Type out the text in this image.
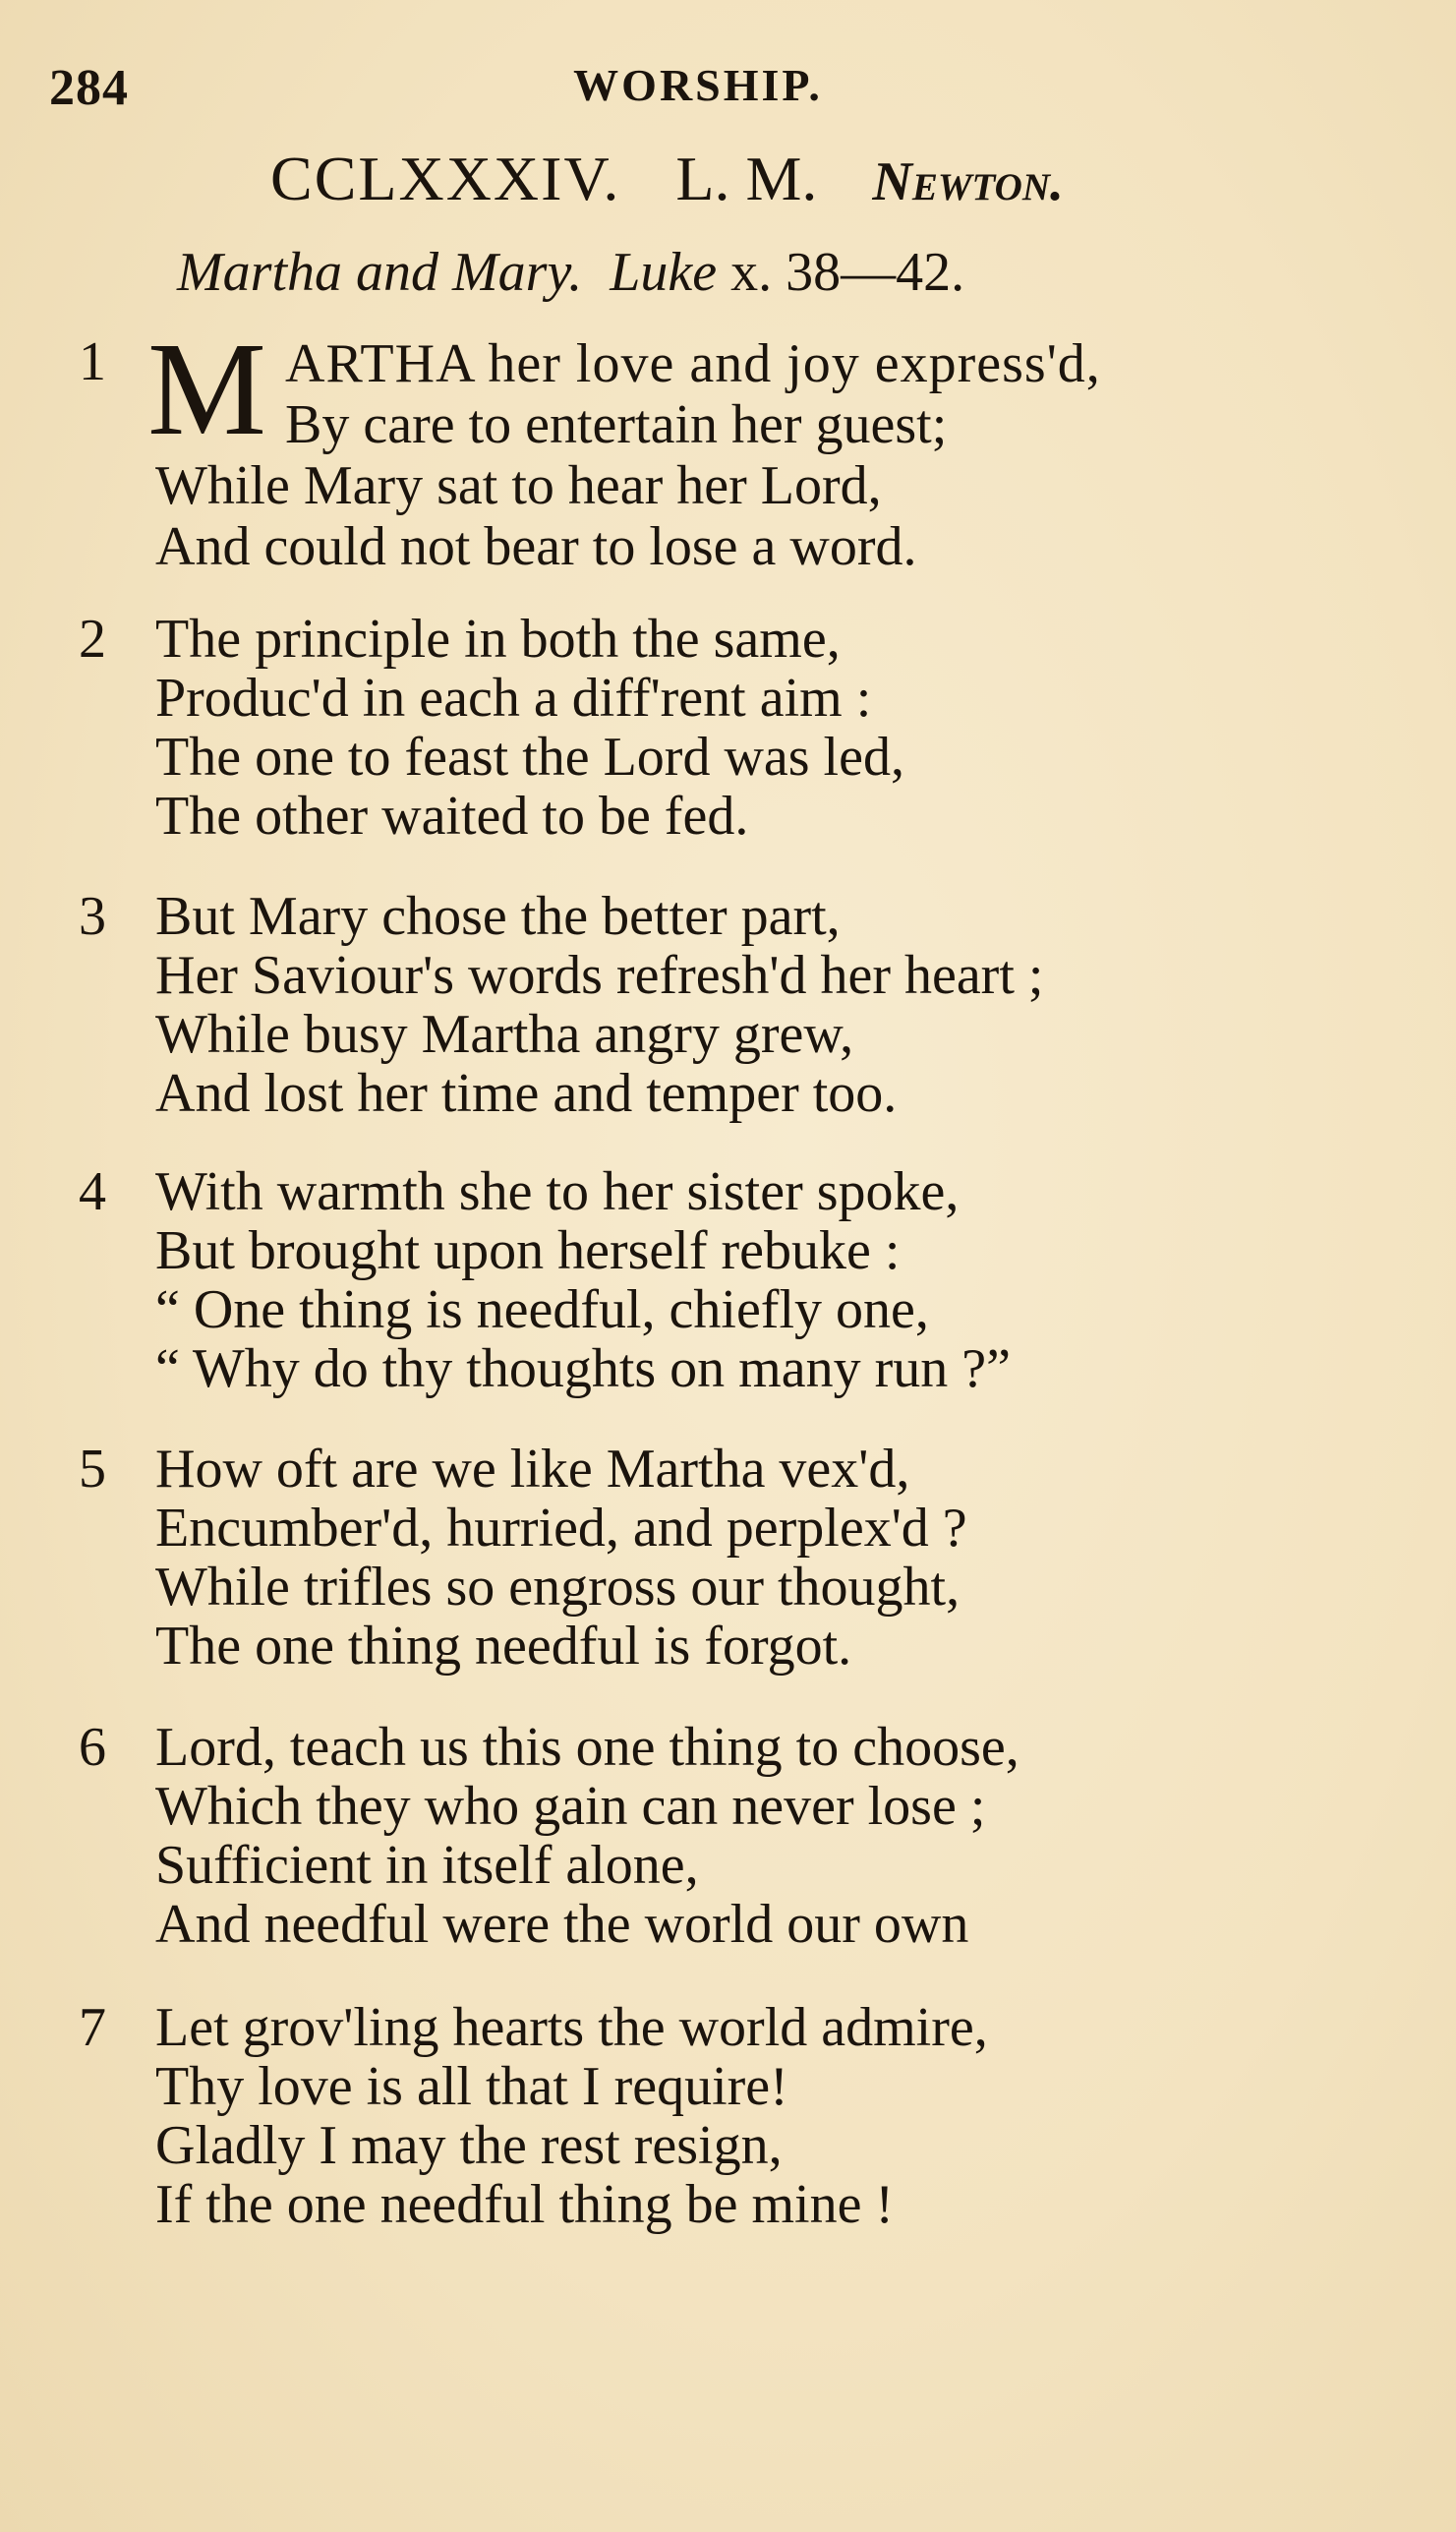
284	WORSHIP.
CCLXXXIV. L. M. Newton.
Martha and Mary. Luke x. 38—42.
1 M ARTHA her love and joy express'd,
By care to entertain her guest;
While Mary sat to hear her Lord,
And could not bear to lose a word.
2 The principle in both the same,
Produc'd in each a diff'rent aim :
The one to feast the Lord was led,
The other waited to be fed.
3 But Mary chose the better part,
Her Saviour's words refresh'd her heart ;
While busy Martha angry grew,
And lost her time and temper too.
4 With warmth she to her sister spoke,
But brought upon herself rebuke :
“ One thing is needful, chiefly one,
“ Why do thy thoughts on many run ?”
5 How oft are we like Martha vex'd,
Encumber'd, hurried, and perplex'd ?
While trifles so engross our thought,
The one thing needful is forgot.
6 Lord, teach us this one thing to choose,
Which they who gain can never lose ;
Sufficient in itself alone,
And needful were the world our own
7 Let grov'ling hearts the world admire,
Thy love is all that I require!
Gladly I may the rest resign,
If the one needful thing be mine !
